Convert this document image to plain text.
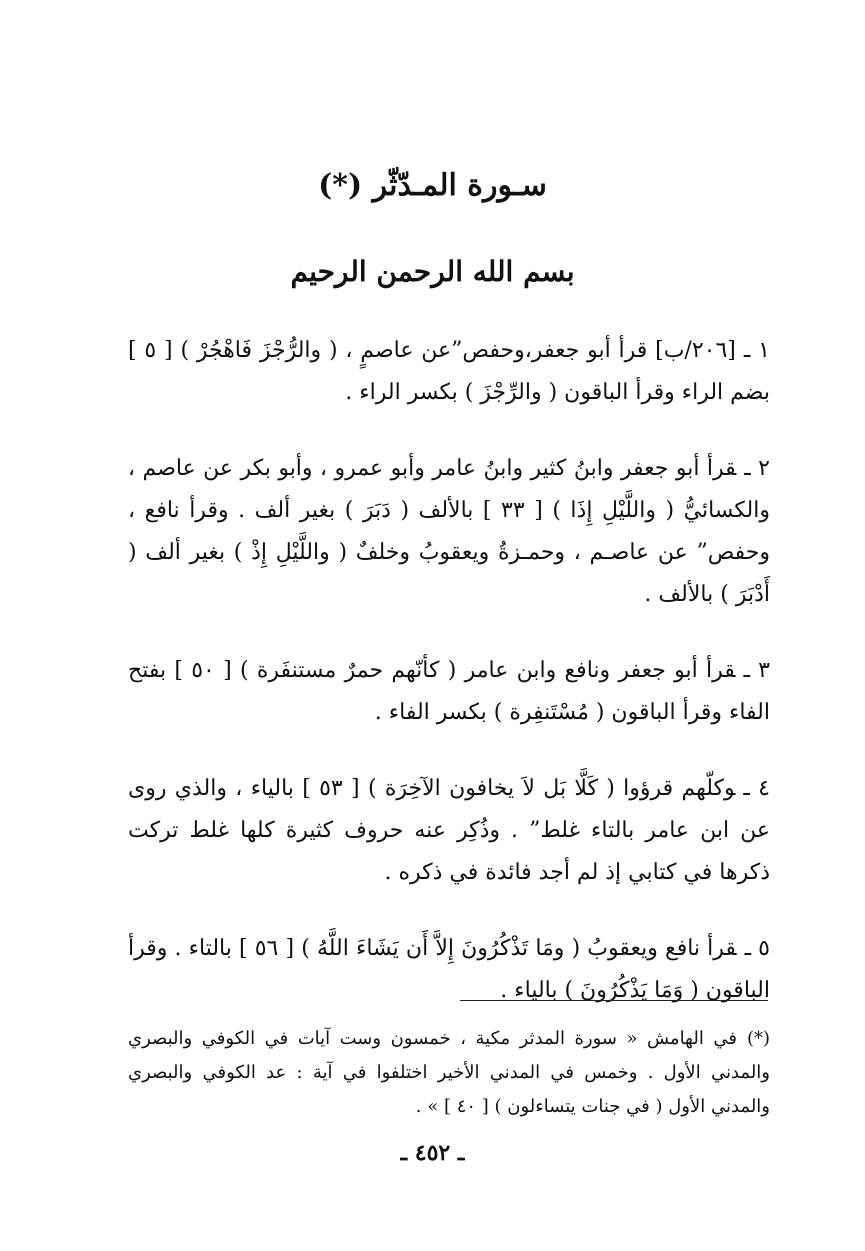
سـورة المـدّثّر (*)
بسم الله الرحمن الرحيم

١ ـ[٢٠٦/ب] قرأ أبو جعفر،وحفص”عن عاصمٍ ، ( والرُّجْزَ فَاهْجُرْ ) [ ٥ ] بضم الراء وقرأ الباقون ( والرِّجْزَ ) بكسر الراء .

٢ ـقرأ أبو جعفر وابنُ كثير وابنُ عامر وأبو عمرو ، وأبو بكر عن عاصم ، والكسائيُّ ( واللَّيْلِ إِذَا ) [ ٣٣ ] بالألف ( دَبَرَ ) بغير ألف . وقرأ نافع ، وحفص” عن عاصـم ، وحمـزةُ ويعقوبُ وخلفٌ ( واللَّيْلِ إِذْ ) بغير ألف ( أَدْبَرَ ) بالألف .

٣ ـقرأ أبو جعفر ونافع وابن عامر ( كأنّهم حمرٌ مستنفَرة ) [ ٥٠ ] بفتح الفاء وقرأ الباقون ( مُسْتَنفِرة ) بكسر الفاء .

٤ ـوكلّهم قرؤوا ( كَلَّا بَل لاَ يخافون الآخِرَة ) [ ٥٣ ] بالياء ، والذي روى عن ابن عامر بالتاء غلط” . وذُكِر عنه حروف كثيرة كلها غلط تركت ذكرها في كتابي إذ لم أجد فائدة في ذكره .

٥ ـقرأ نافع ويعقوبُ ( ومَا تَذْكُرُونَ إِلاَّ أَن يَشَاءَ اللَّهُ ) [ ٥٦ ] بالتاء . وقرأ الباقون ( وَمَا يَذْكُرُونَ ) بالياء .

(*)في الهامش « سورة المدثر مكية ، خمسون وست آيات في الكوفي والبصري والمدني الأول . وخمس في المدني الأخير اختلفوا في آية : عد الكوفي والبصري والمدني الأول ( في جنات يتساءلون ) [ ٤٠ ] » .
ـ ٤٥٢ ـ
